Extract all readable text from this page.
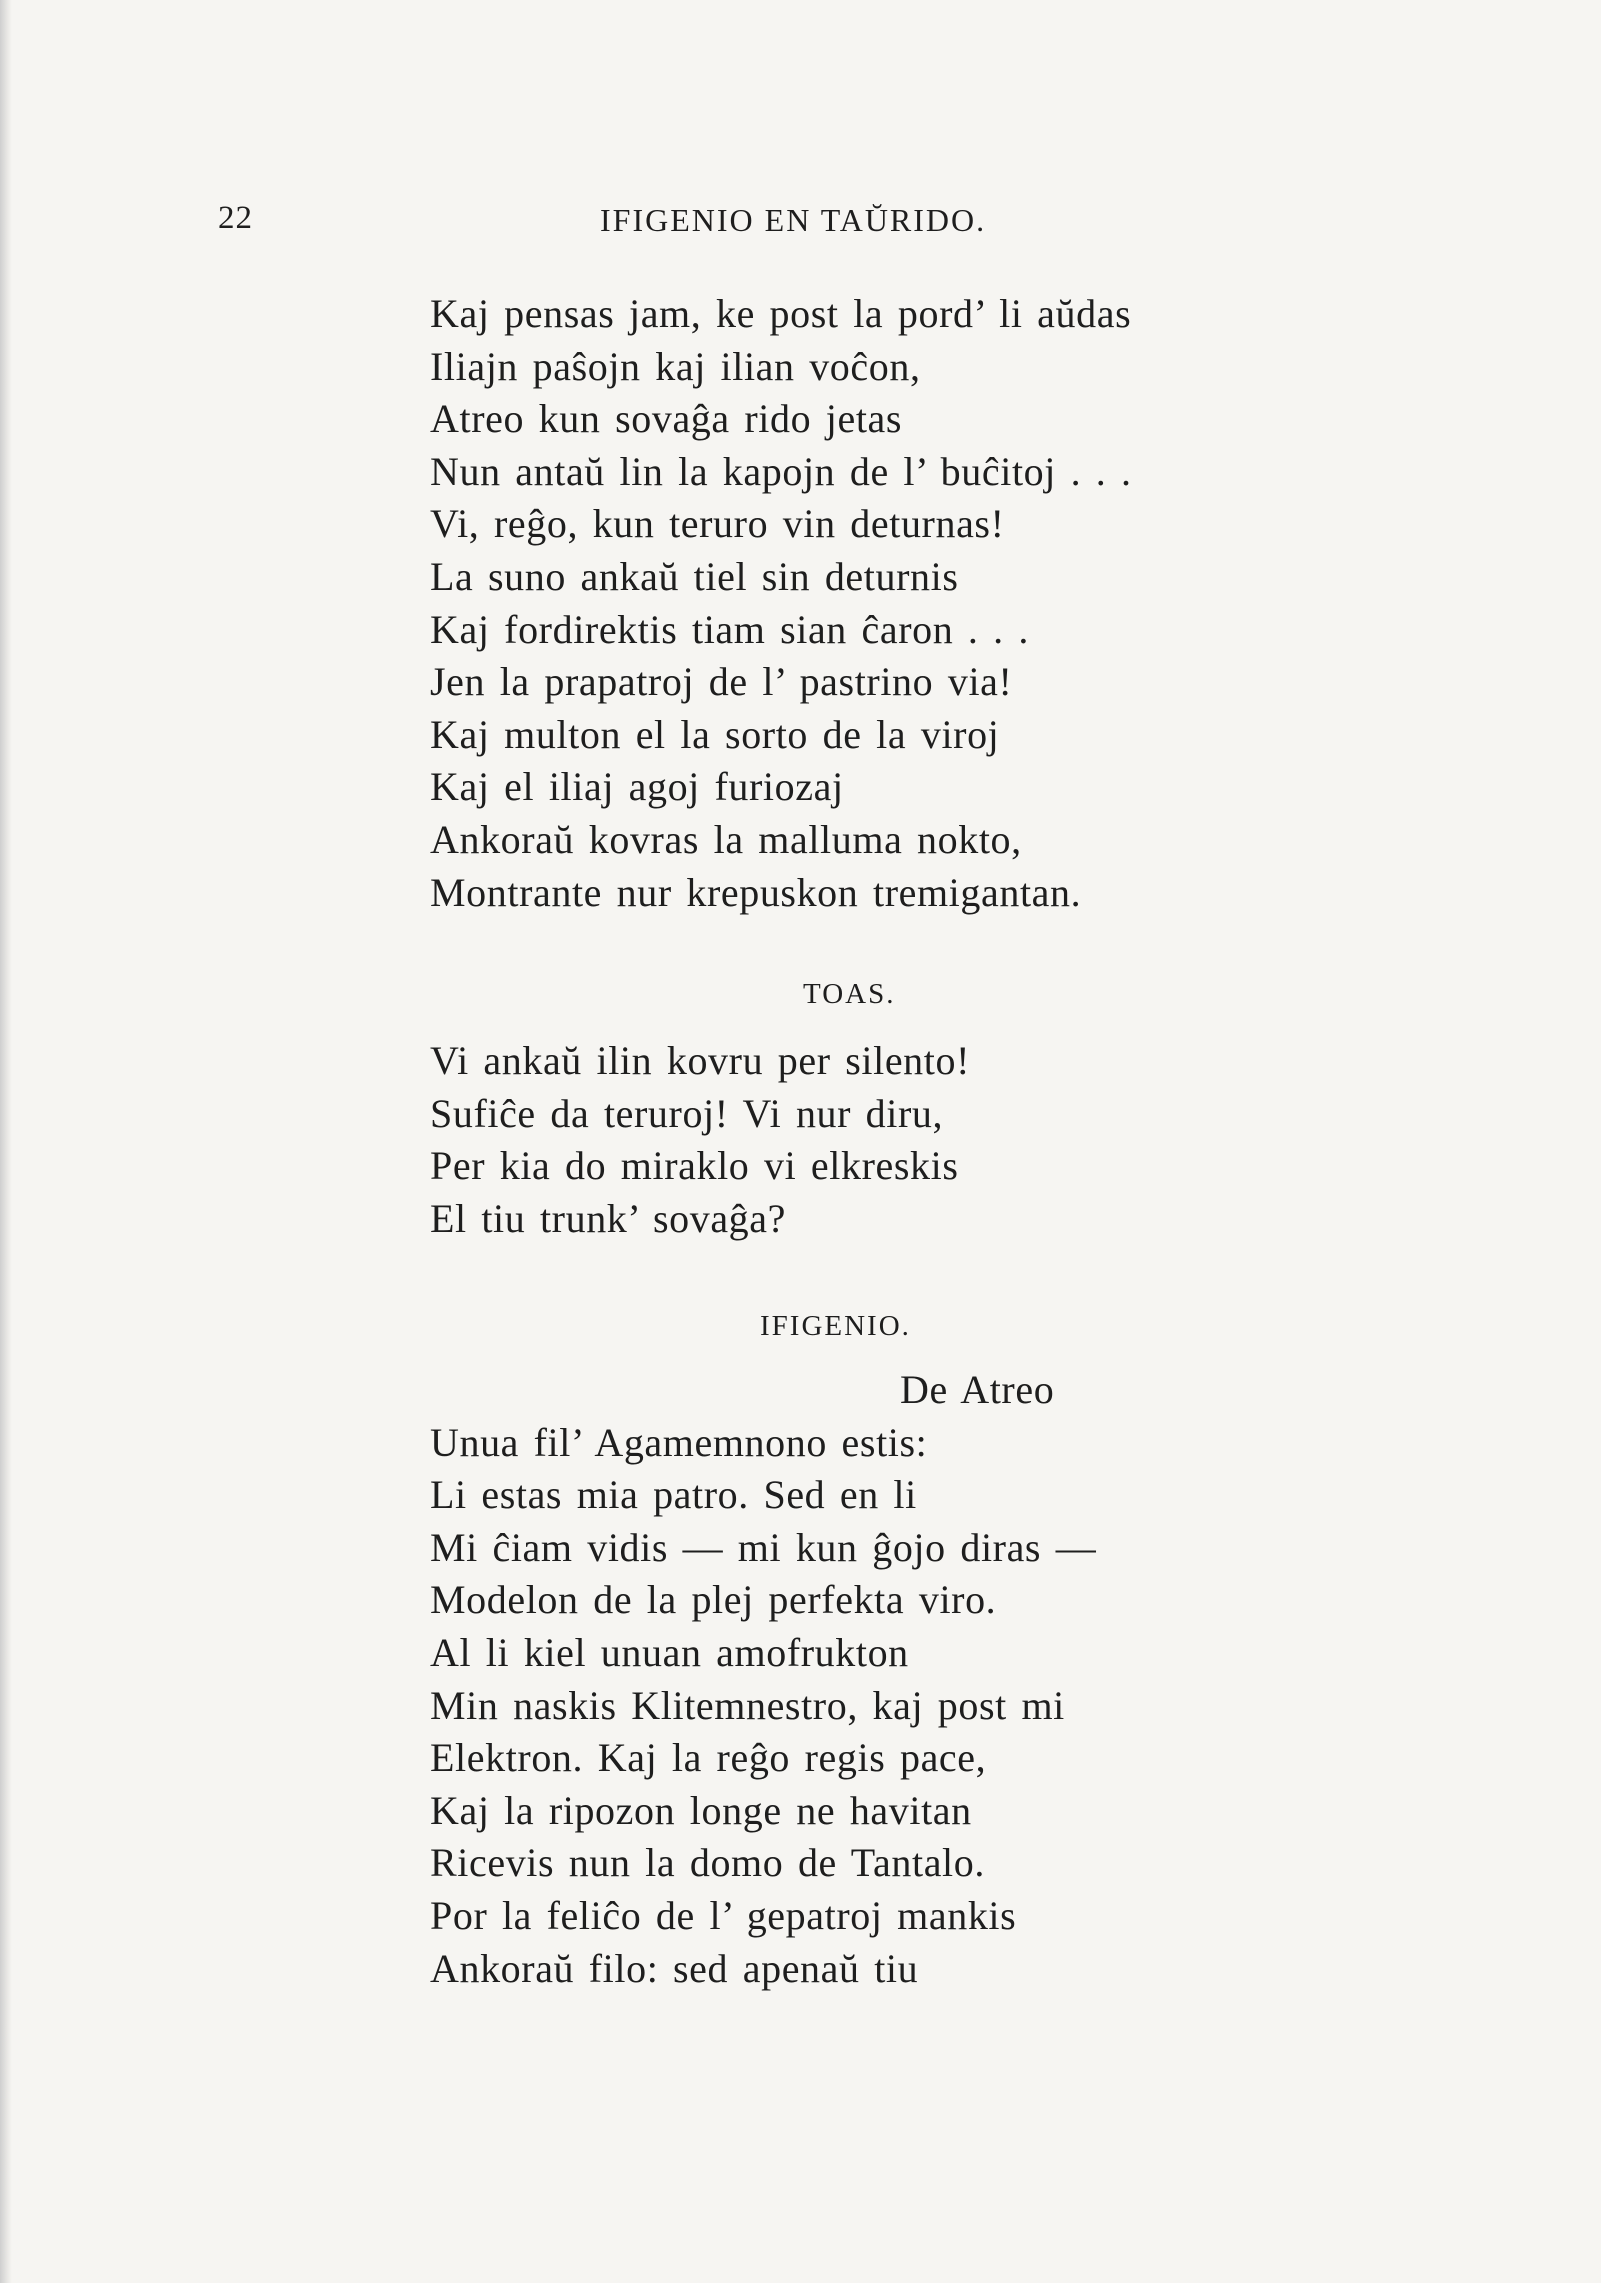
22	IFIGENIO EN TAŬRIDO.
Kaj pensas jam, ke post la pord’ li aŭdas
Iliajn paŝojn kaj ilian voĉon,
Atreo kun sovaĝa rido jetas
Nun antaŭ lin la kapojn de l’ buĉitoj . . .
Vi, reĝo, kun teruro vin deturnas!
La suno ankaŭ tiel sin deturnis
Kaj fordirektis tiam sian ĉaron . . .
Jen la prapatroj de l’ pastrino via!
Kaj multon el la sorto de la viroj
Kaj el iliaj agoj furiozaj
Ankoraŭ kovras la malluma nokto,
Montrante nur krepuskon tremigantan.
TOAS.
Vi ankaŭ ilin kovru per silento!
Sufiĉe da teruroj! Vi nur diru,
Per kia do miraklo vi elkreskis
El tiu trunk’ sovaĝa?
IFIGENIO.
De Atreo
Unua fil’ Agamemnono estis:
Li estas mia patro. Sed en li
Mi ĉiam vidis — mi kun ĝojo diras —
Modelon de la plej perfekta viro.
Al li kiel unuan amofrukton
Min naskis Klitemnestro, kaj post mi
Elektron. Kaj la reĝo regis pace,
Kaj la ripozon longe ne havitan
Ricevis nun la domo de Tantalo.
Por la feliĉo de l’ gepatroj mankis
Ankoraŭ filo: sed apenaŭ tiu
